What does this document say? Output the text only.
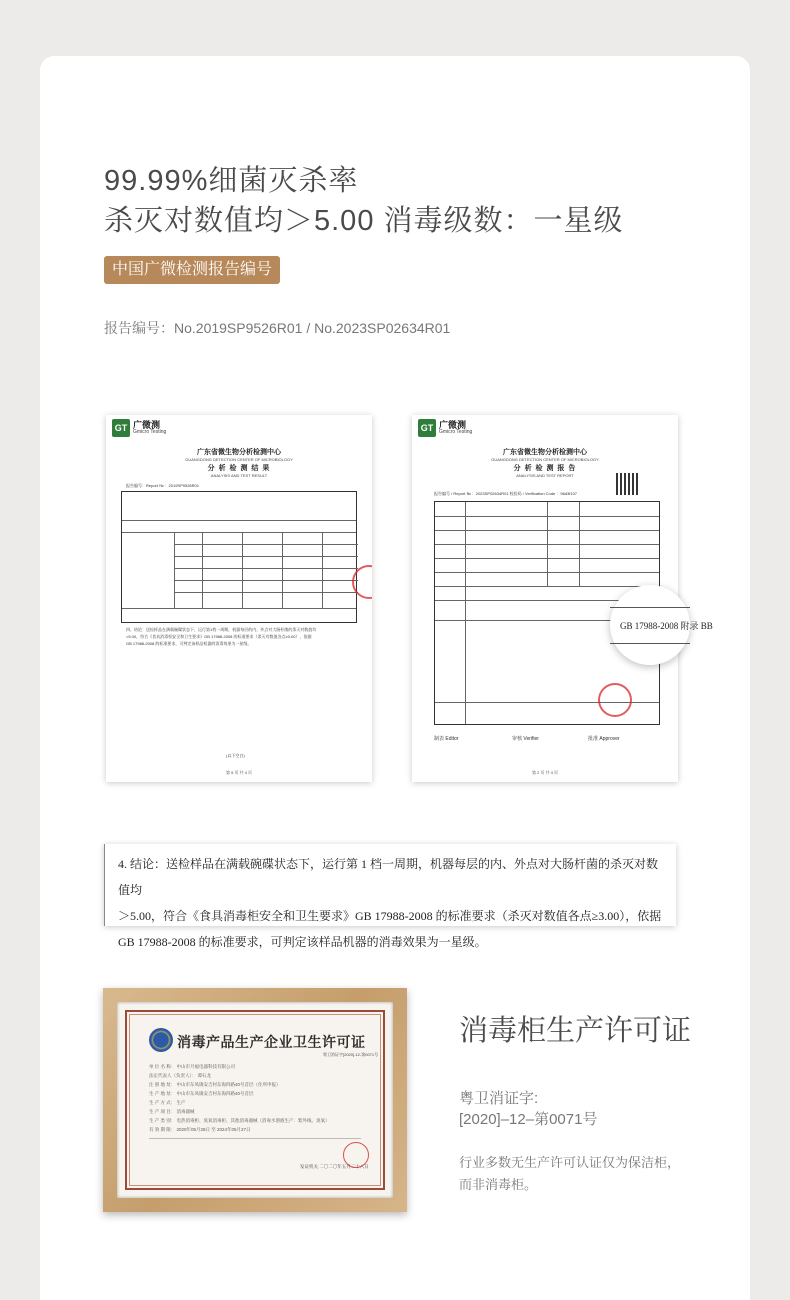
99.99%细菌灭杀率
杀灭对数值均＞5.00 消毒级数：一星级
中国广微检测报告编号
报告编号：No.2019SP9526R01 / No.2023SP02634R01
GT 广微测
Gmicro Testing
广东省微生物分析检测中心
GUANGDONG DETECTION CENTER OF MICROBIOLOGY
分 析 检 测 结 果
ANALYSIS AND TEST RESULT
报告编号：Report № ：2019SP9526R01
四、结论：送检样品在满载碗碟状态下，运行第1档一周期，机器每层的内、外点对大肠杆菌的杀灭对数值均
>5.00，符合《食具消毒柜安全和卫生要求》GB 17988-2008 的标准要求（杀灭对数值各点≥3.00），依据
GB 17988-2008 的标准要求，可判定该样品机器的消毒效果为一星级。
(以下空白)
第 5 页 共 4 页
GT 广微测
Gmicro Testing
广东省微生物分析检测中心
GUANGDONG DETECTION CENTER OF MICROBIOLOGY
分 析 检 测 报 告
ANALYSIS AND TEST REPORT
报告编号 / Report № ：2023SP02634R01 校验码 / Verification Code ：96d3f107
制表 Editor	审核 Verifier	批准 Approver
第 2 页 共 4 页
GB 17988-2008 附录 BB
4. 结论：送检样品在满载碗碟状态下，运行第 1 档一周期，机器每层的内、外点对大肠杆菌的杀灭对数值均
＞5.00，符合《食具消毒柜安全和卫生要求》GB 17988-2008 的标准要求（杀灭对数值各点≥3.00），依据
GB 17988-2008 的标准要求，可判定该样品机器的消毒效果为一星级。
消毒产品生产企业卫生许可证
粤卫消证字[2020]-12-第0071号
单 位 名 称： 中山市月福电器科技有限公司
法定代表人（负责人）： 谭石龙
注 册 地 址： 中山市东凤镇安吉村东海四路40号首层（住所申报）
生 产 地 址： 中山市东凤镇安吉村东海四路40号首层
生 产 方 式： 生产
生 产 项 目： 消毒器械
生 产 类 别： 电热消毒柜、臭氧消毒柜、其他消毒器械（消毒水溶液生产：紫外线、臭氧）
有 效 期 限： 2020年05月28日 至 2024年05月27日
发证机关 二〇二〇年五月二十八日
消毒柜生产许可证
粤卫消证字:
[2020]–12–第0071号
行业多数无生产许可认证仅为保洁柜，
而非消毒柜。
